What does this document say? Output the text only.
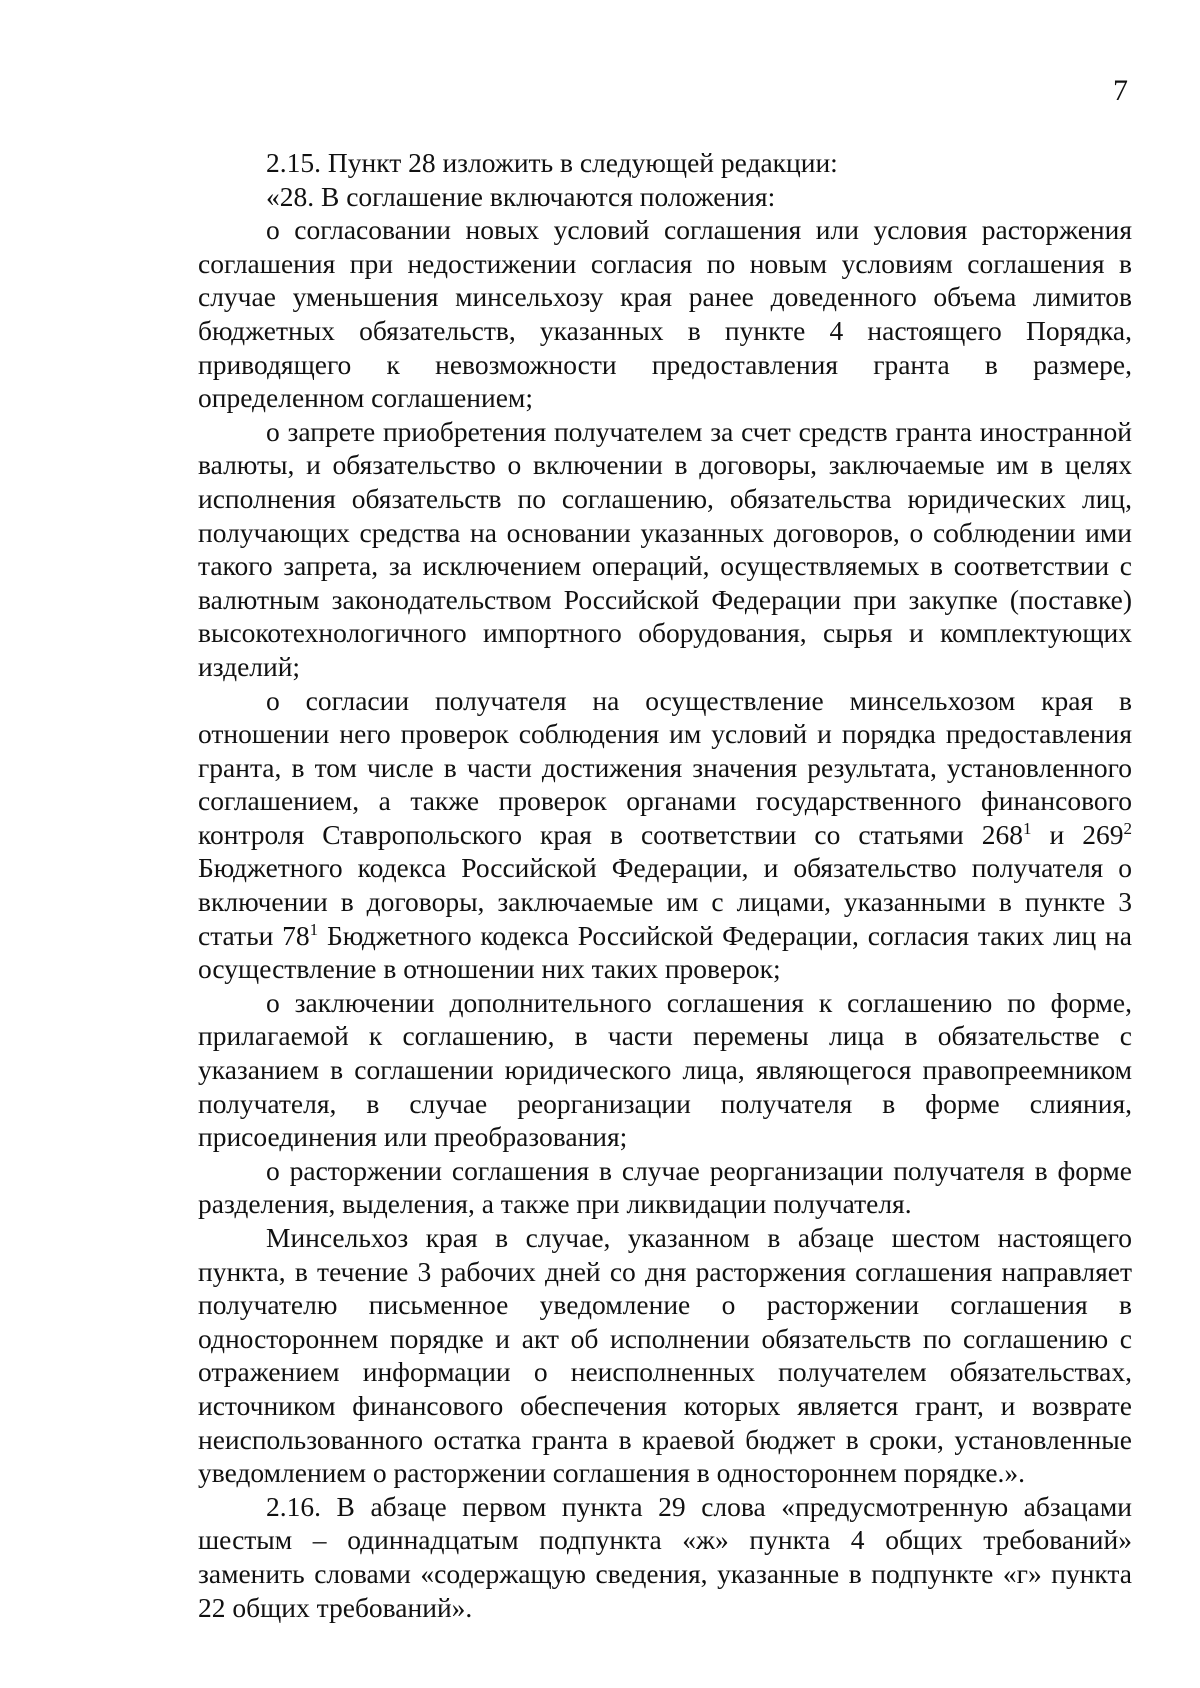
7

2.15. Пункт 28 изложить в следующей редакции:

«28. В соглашение включаются положения:

о согласовании новых условий соглашения или условия расторжения соглашения при недостижении согласия по новым условиям соглашения в случае уменьшения минсельхозу края ранее доведенного объема лимитов бюджетных обязательств, указанных в пункте 4 настоящего Порядка, приводящего к невозможности предоставления гранта в размере, определенном соглашением;

о запрете приобретения получателем за счет средств гранта иностранной валюты, и обязательство о включении в договоры, заключаемые им в целях исполнения обязательств по соглашению, обязательства юридических лиц, получающих средства на основании указанных договоров, о соблюдении ими такого запрета, за исключением операций, осуществляемых в соответствии с валютным законодательством Российской Федерации при закупке (поставке) высокотехнологичного импортного оборудования, сырья и комплектующих изделий;

о согласии получателя на осуществление минсельхозом края в отношении него проверок соблюдения им условий и порядка предоставления гранта, в том числе в части достижения значения результата, установленного соглашением, а также проверок органами государственного финансового контроля Ставропольского края в соответствии со статьями $268^1$ и $269^2$ Бюджетного кодекса Российской Федерации, и обязательство получателя о включении в договоры, заключаемые им с лицами, указанными в пункте 3 статьи $78^1$ Бюджетного кодекса Российской Федерации, согласия таких лиц на осуществление в отношении них таких проверок;

о заключении дополнительного соглашения к соглашению по форме, прилагаемой к соглашению, в части перемены лица в обязательстве с указанием в соглашении юридического лица, являющегося правопреемником получателя, в случае реорганизации получателя в форме слияния, присоединения или преобразования;

о расторжении соглашения в случае реорганизации получателя в форме разделения, выделения, а также при ликвидации получателя.

Минсельхоз края в случае, указанном в абзаце шестом настоящего пункта, в течение 3 рабочих дней со дня расторжения соглашения направляет получателю письменное уведомление о расторжении соглашения в одностороннем порядке и акт об исполнении обязательств по соглашению с отражением информации о неисполненных получателем обязательствах, источником финансового обеспечения которых является грант, и возврате неиспользованного остатка гранта в краевой бюджет в сроки, установленные уведомлением о расторжении соглашения в одностороннем порядке.».

2.16. В абзаце первом пункта 29 слова «предусмотренную абзацами шестым – одиннадцатым подпункта «ж» пункта 4 общих требований» заменить словами «содержащую сведения, указанные в подпункте «г» пункта 22 общих требований».
